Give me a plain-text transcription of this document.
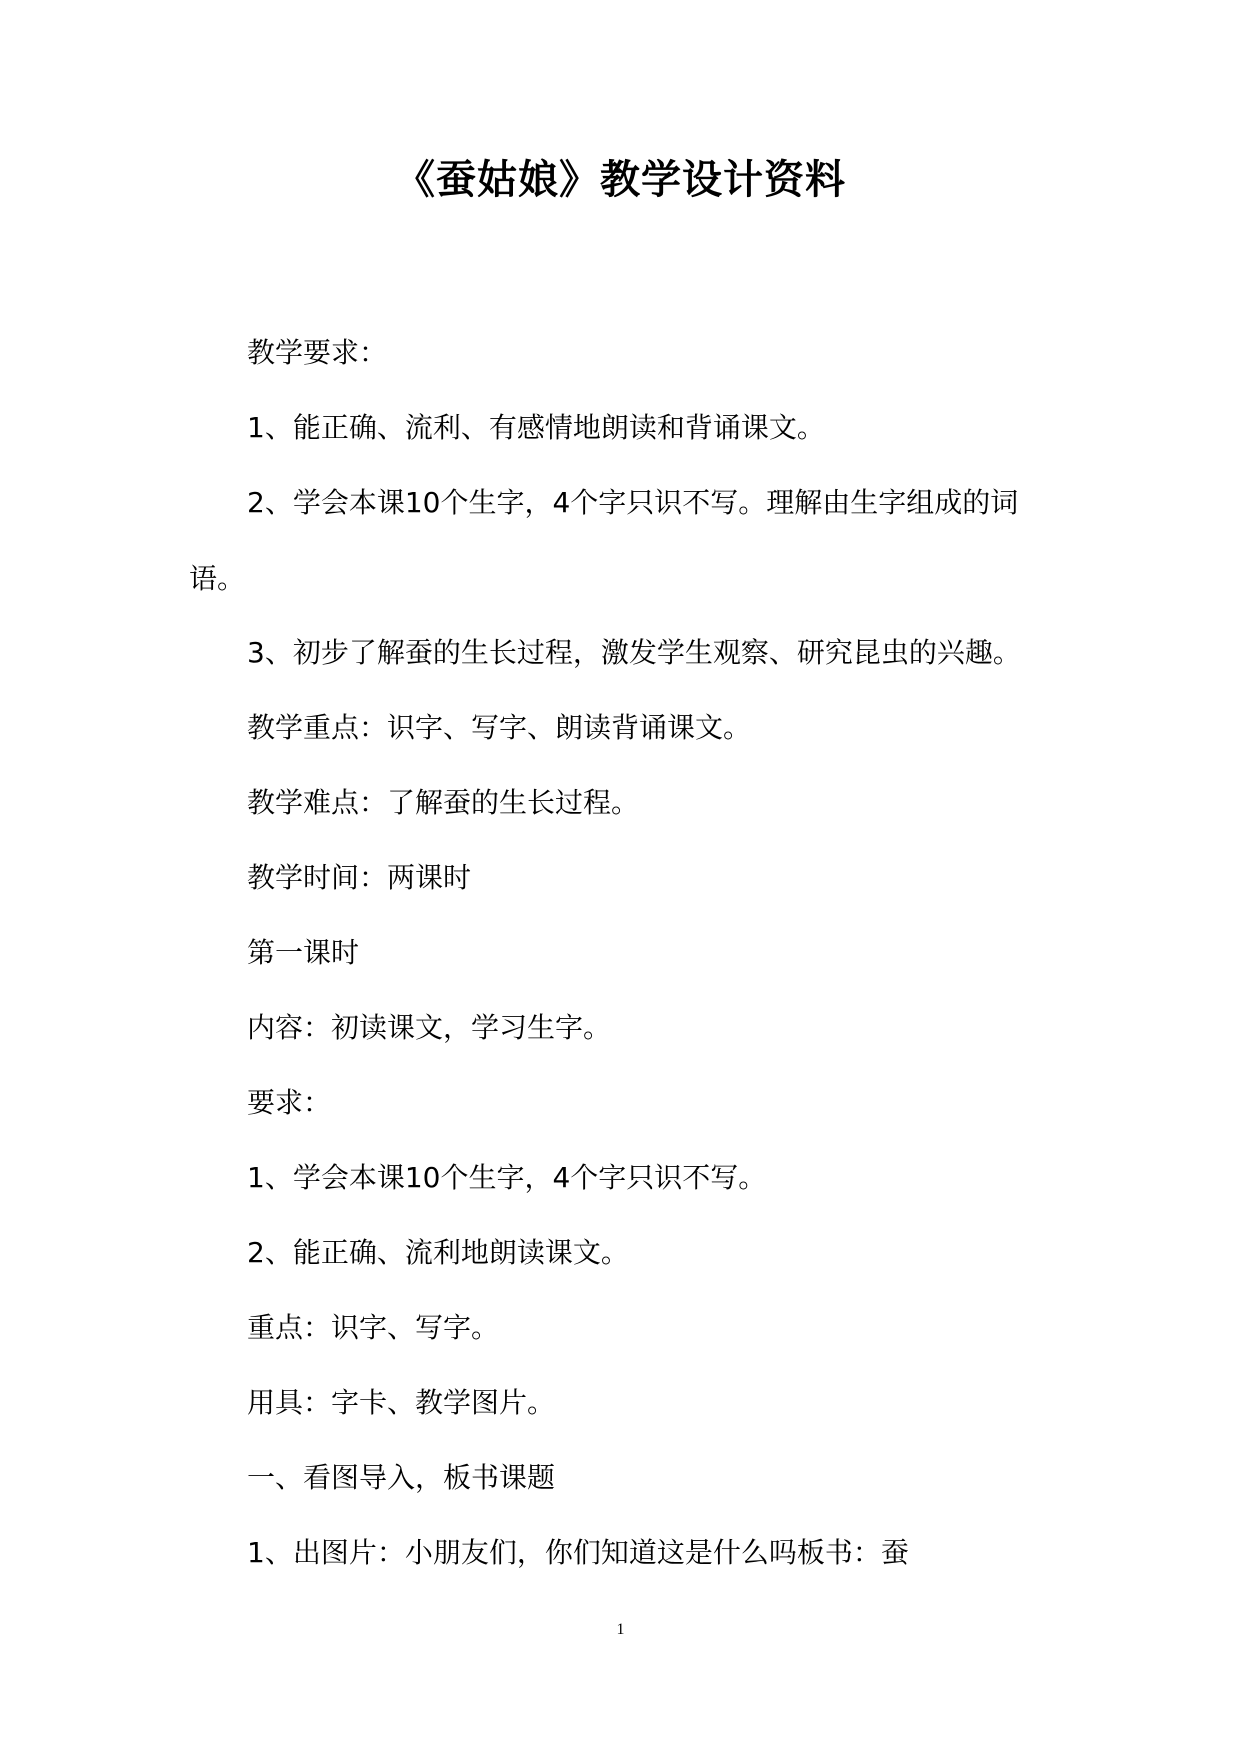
《蚕姑娘》教学设计资料
教学要求：
1、能正确、流利、有感情地朗读和背诵课文。
2、学会本课10个生字，4个字只识不写。理解由生字组成的词语。
3、初步了解蚕的生长过程，激发学生观察、研究昆虫的兴趣。
教学重点：识字、写字、朗读背诵课文。
教学难点：了解蚕的生长过程。
教学时间：两课时
第一课时
内容：初读课文，学习生字。
要求：
1、学会本课10个生字，4个字只识不写。
2、能正确、流利地朗读课文。
重点：识字、写字。
用具：字卡、教学图片。
一、看图导入，板书课题
1、出图片：小朋友们，你们知道这是什么吗板书：蚕
1
